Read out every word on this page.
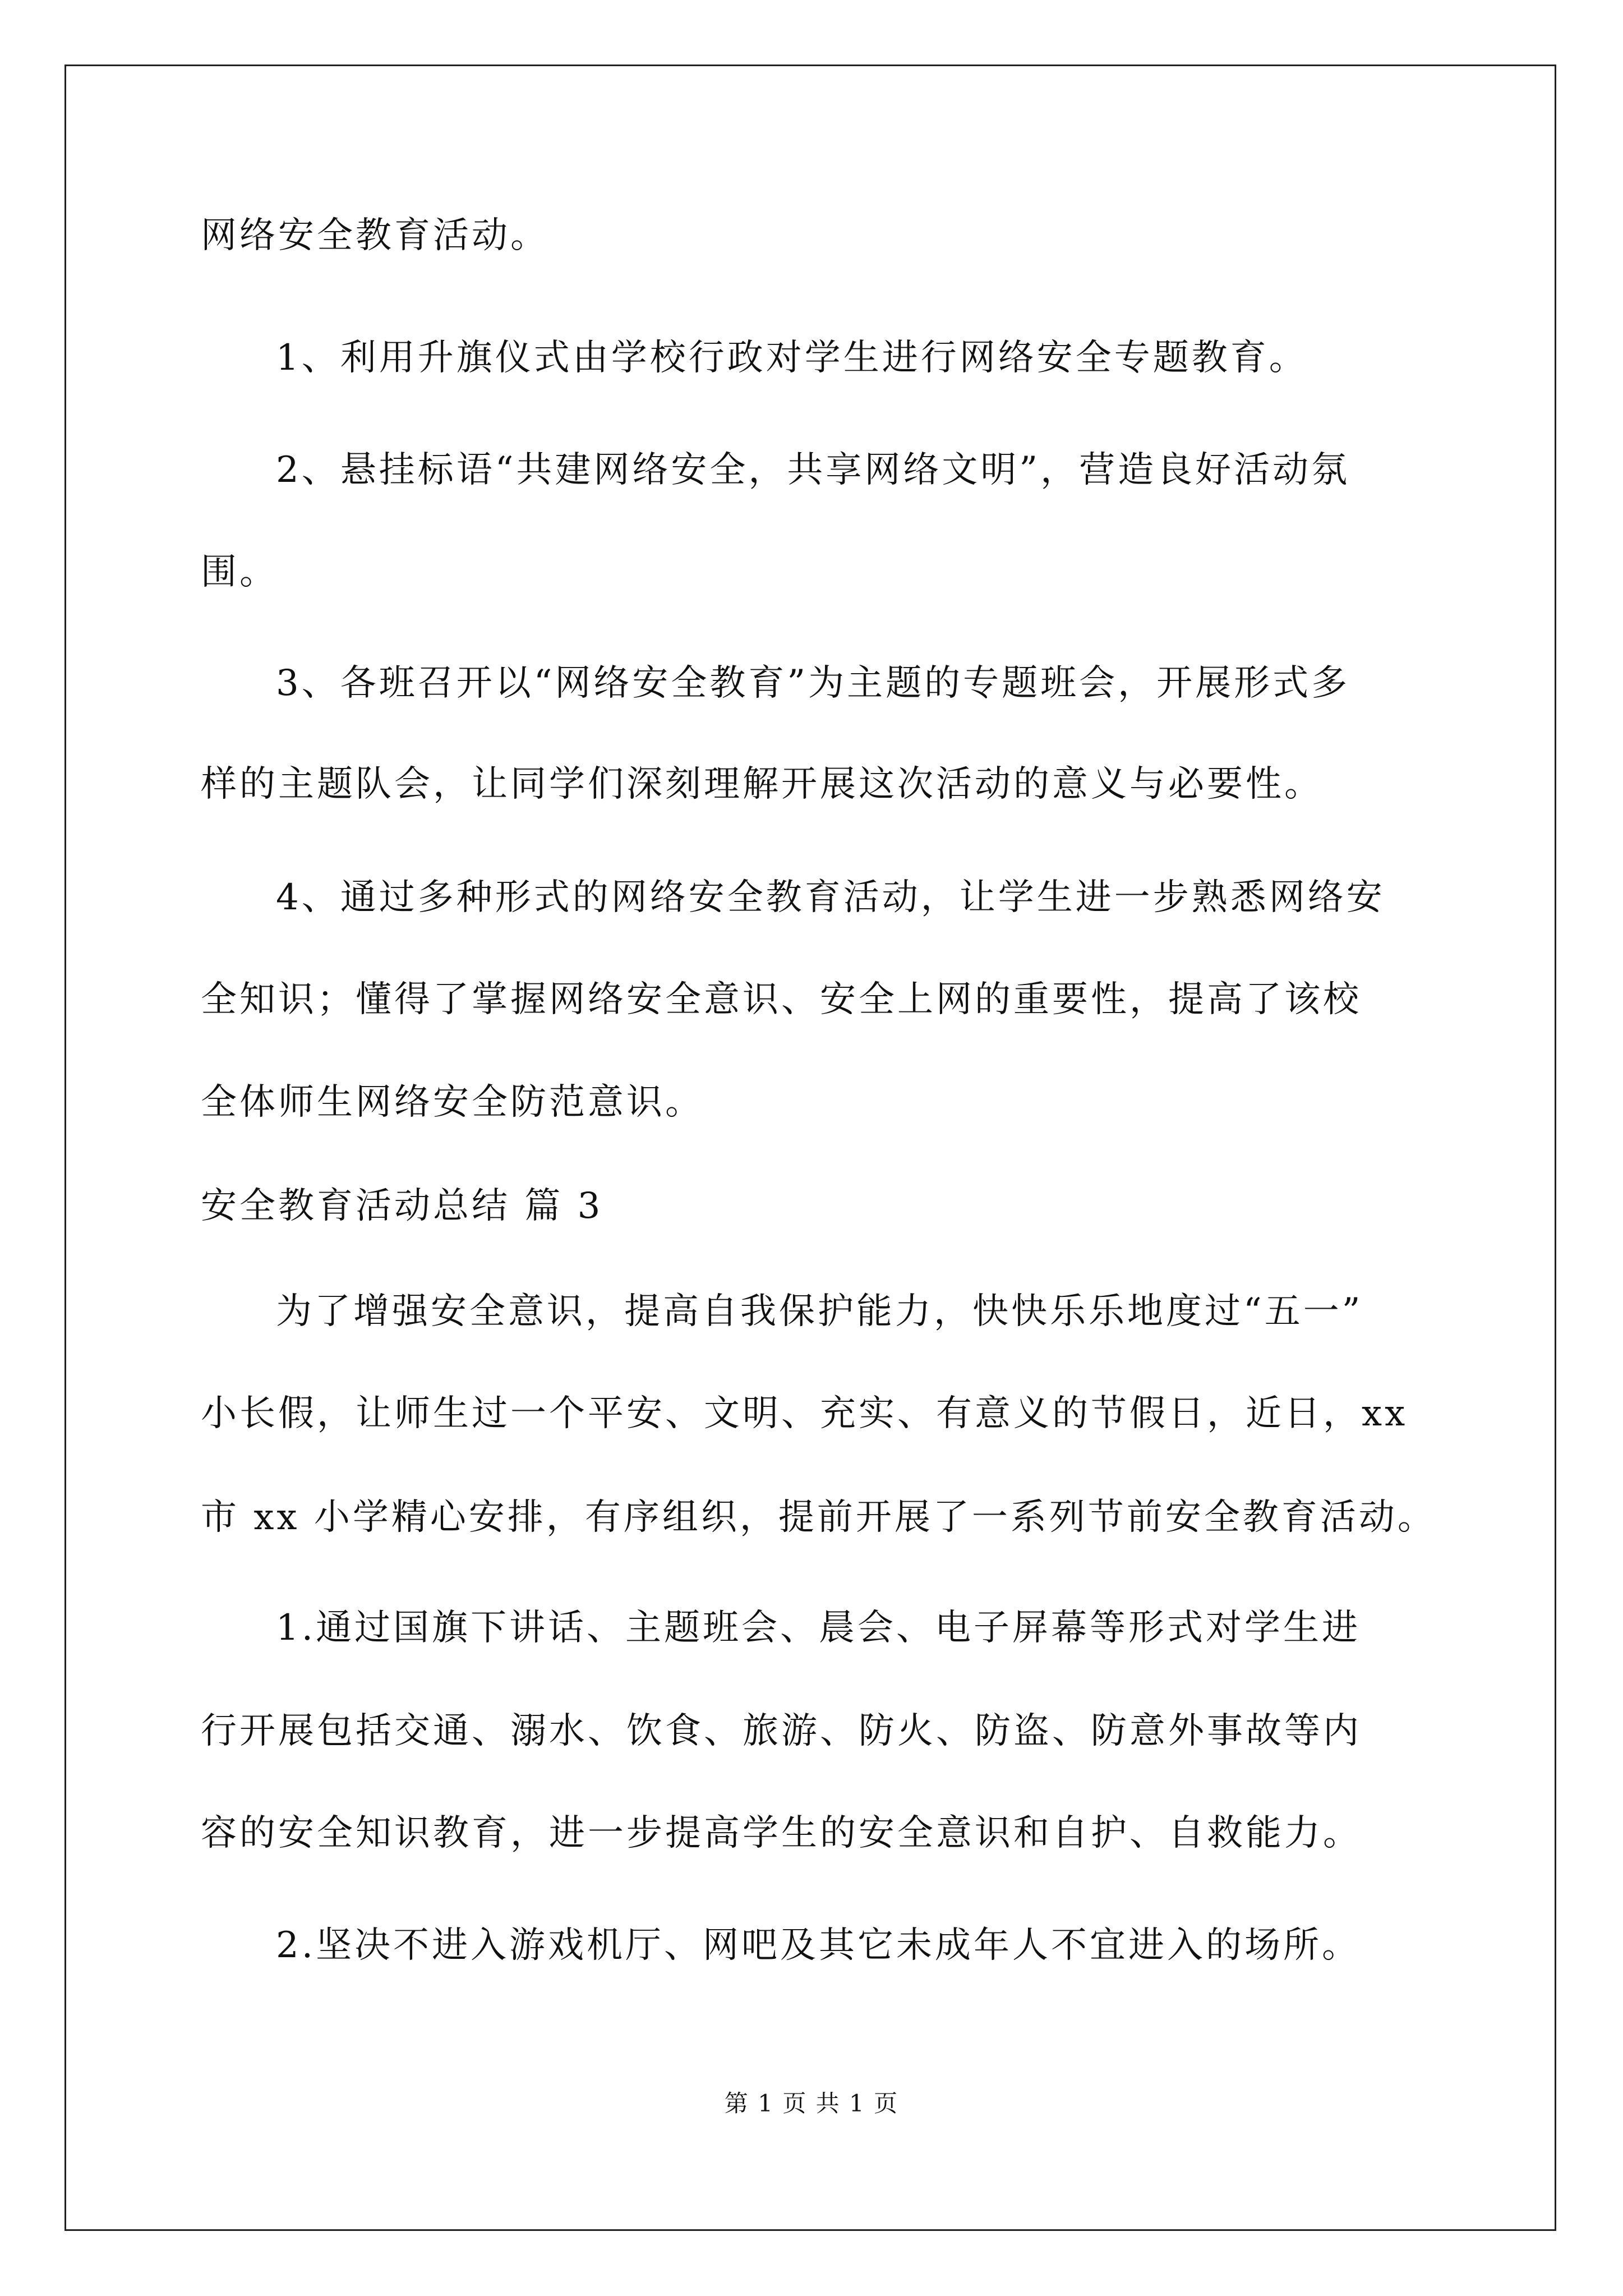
网络安全教育活动。
1、利用升旗仪式由学校行政对学生进行网络安全专题教育。
2、悬挂标语“共建网络安全，共享网络文明”，营造良好活动氛
围。
3、各班召开以“网络安全教育”为主题的专题班会，开展形式多
样的主题队会，让同学们深刻理解开展这次活动的意义与必要性。
4、通过多种形式的网络安全教育活动，让学生进一步熟悉网络安
全知识；懂得了掌握网络安全意识、安全上网的重要性，提高了该校
全体师生网络安全防范意识。
安全教育活动总结 篇 3
为了增强安全意识，提高自我保护能力，快快乐乐地度过“五一”
小长假，让师生过一个平安、文明、充实、有意义的节假日，近日，xx
市 xx 小学精心安排，有序组织，提前开展了一系列节前安全教育活动。
1.通过国旗下讲话、主题班会、晨会、电子屏幕等形式对学生进
行开展包括交通、溺水、饮食、旅游、防火、防盗、防意外事故等内
容的安全知识教育，进一步提高学生的安全意识和自护、自救能力。
2.坚决不进入游戏机厅、网吧及其它未成年人不宜进入的场所。
第 1 页 共 1 页
